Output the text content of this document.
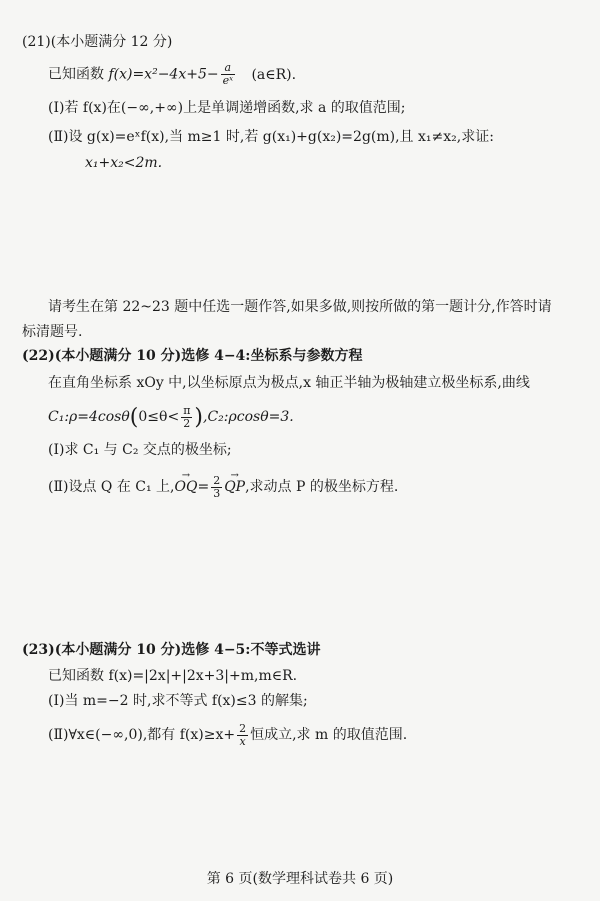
(21)(本小题满分 12 分)
已知函数 $f(x)=x^2-4x+5- \frac{a}{\text{eˣ}}$ (a∈R).
(Ⅰ)若 f(x)在(−∞,+∞)上是单调递增函数,求 a 的取值范围;
(Ⅱ)设 g(x)=eˣf(x),当 m≥1 时,若 g(x₁)+g(x₂)=2g(m),且 x₁≠x₂,求证:
x₁+x₂<2m.
请考生在第 22~23 题中任选一题作答,如果多做,则按所做的第一题计分,作答时请
标清题号.
(22)(本小题满分 10 分)选修 4−4:坐标系与参数方程
在直角坐标系 xOy 中,以坐标原点为极点,x 轴正半轴为极轴建立极坐标系,曲线
C₁:ρ=4cosθ(0≤θ< $\frac{\pi}{2}$ ),C₂:ρcosθ=3.
(Ⅰ)求 C₁ 与 C₂ 交点的极坐标;
(Ⅱ)设点 Q 在 C₁ 上,→ $OQ= \frac{2}{3}$
→ QP,求动点 P 的极坐标方程.
(23)(本小题满分 10 分)选修 4−5:不等式选讲
已知函数 f(x)=|2x|+|2x+3|+m,m∈R.
(Ⅰ)当 m=−2 时,求不等式 f(x)≤3 的解集;
(Ⅱ)∀x∈(−∞,0),都有 $f(x)\ge x+ \frac{2}{x}$ 恒成立,求 m 的取值范围.
第 6 页(数学理科试卷共 6 页)
